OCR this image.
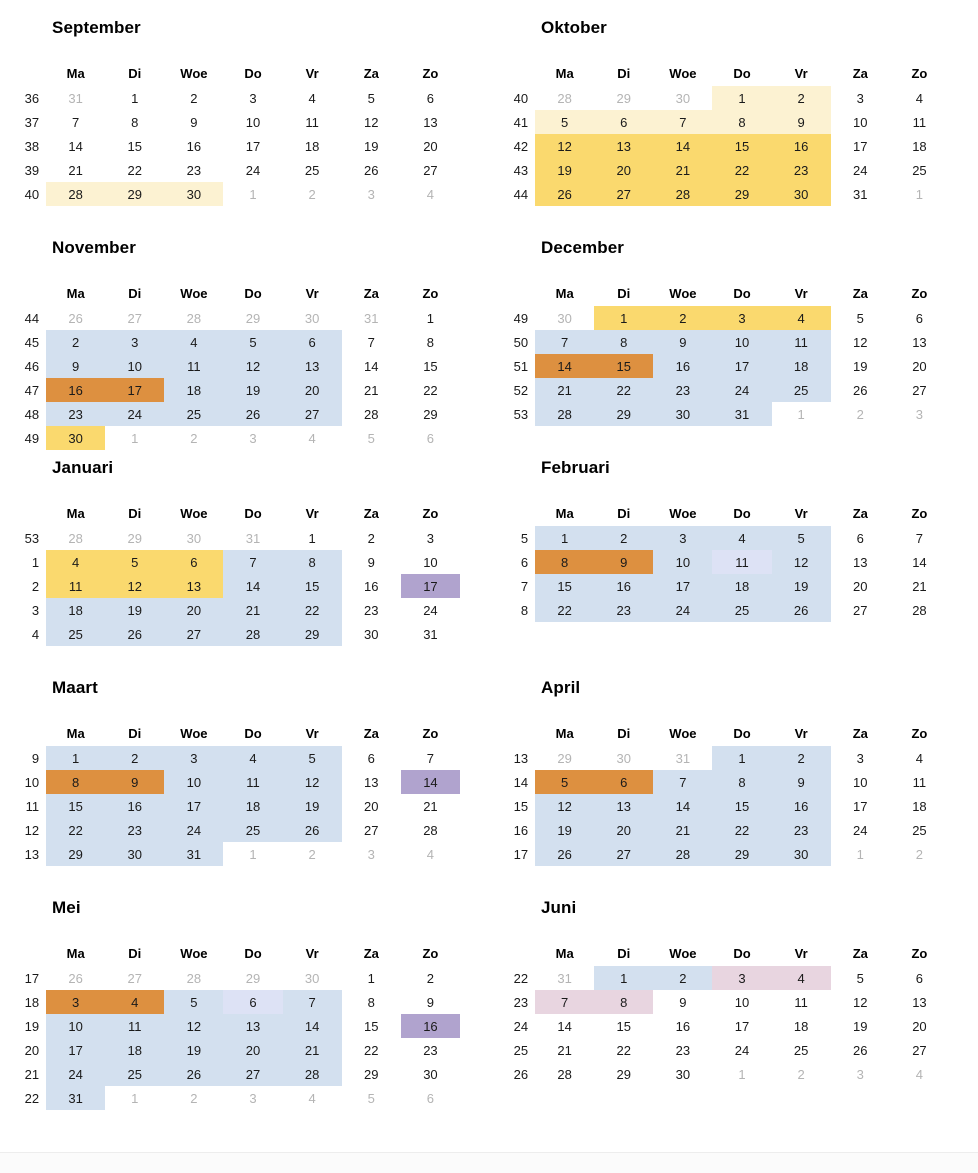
September
	Ma	Di	Woe	Do	Vr	Za	Zo
36	31	1	2	3	4	5	6
37	7	8	9	10	11	12	13
38	14	15	16	17	18	19	20
39	21	22	23	24	25	26	27
40	28	29	30	1	2	3	4
Oktober
	Ma	Di	Woe	Do	Vr	Za	Zo
40	28	29	30	1	2	3	4
41	5	6	7	8	9	10	11
42	12	13	14	15	16	17	18
43	19	20	21	22	23	24	25
44	26	27	28	29	30	31	1
November
	Ma	Di	Woe	Do	Vr	Za	Zo
44	26	27	28	29	30	31	1
45	2	3	4	5	6	7	8
46	9	10	11	12	13	14	15
47	16	17	18	19	20	21	22
48	23	24	25	26	27	28	29
49	30	1	2	3	4	5	6
December
	Ma	Di	Woe	Do	Vr	Za	Zo
49	30	1	2	3	4	5	6
50	7	8	9	10	11	12	13
51	14	15	16	17	18	19	20
52	21	22	23	24	25	26	27
53	28	29	30	31	1	2	3
Januari
	Ma	Di	Woe	Do	Vr	Za	Zo
53	28	29	30	31	1	2	3
1	4	5	6	7	8	9	10
2	11	12	13	14	15	16	17
3	18	19	20	21	22	23	24
4	25	26	27	28	29	30	31
Februari
	Ma	Di	Woe	Do	Vr	Za	Zo
5	1	2	3	4	5	6	7
6	8	9	10	11	12	13	14
7	15	16	17	18	19	20	21
8	22	23	24	25	26	27	28
Maart
	Ma	Di	Woe	Do	Vr	Za	Zo
9	1	2	3	4	5	6	7
10	8	9	10	11	12	13	14
11	15	16	17	18	19	20	21
12	22	23	24	25	26	27	28
13	29	30	31	1	2	3	4
April
	Ma	Di	Woe	Do	Vr	Za	Zo
13	29	30	31	1	2	3	4
14	5	6	7	8	9	10	11
15	12	13	14	15	16	17	18
16	19	20	21	22	23	24	25
17	26	27	28	29	30	1	2
Mei
	Ma	Di	Woe	Do	Vr	Za	Zo
17	26	27	28	29	30	1	2
18	3	4	5	6	7	8	9
19	10	11	12	13	14	15	16
20	17	18	19	20	21	22	23
21	24	25	26	27	28	29	30
22	31	1	2	3	4	5	6
Juni
	Ma	Di	Woe	Do	Vr	Za	Zo
22	31	1	2	3	4	5	6
23	7	8	9	10	11	12	13
24	14	15	16	17	18	19	20
25	21	22	23	24	25	26	27
26	28	29	30	1	2	3	4
